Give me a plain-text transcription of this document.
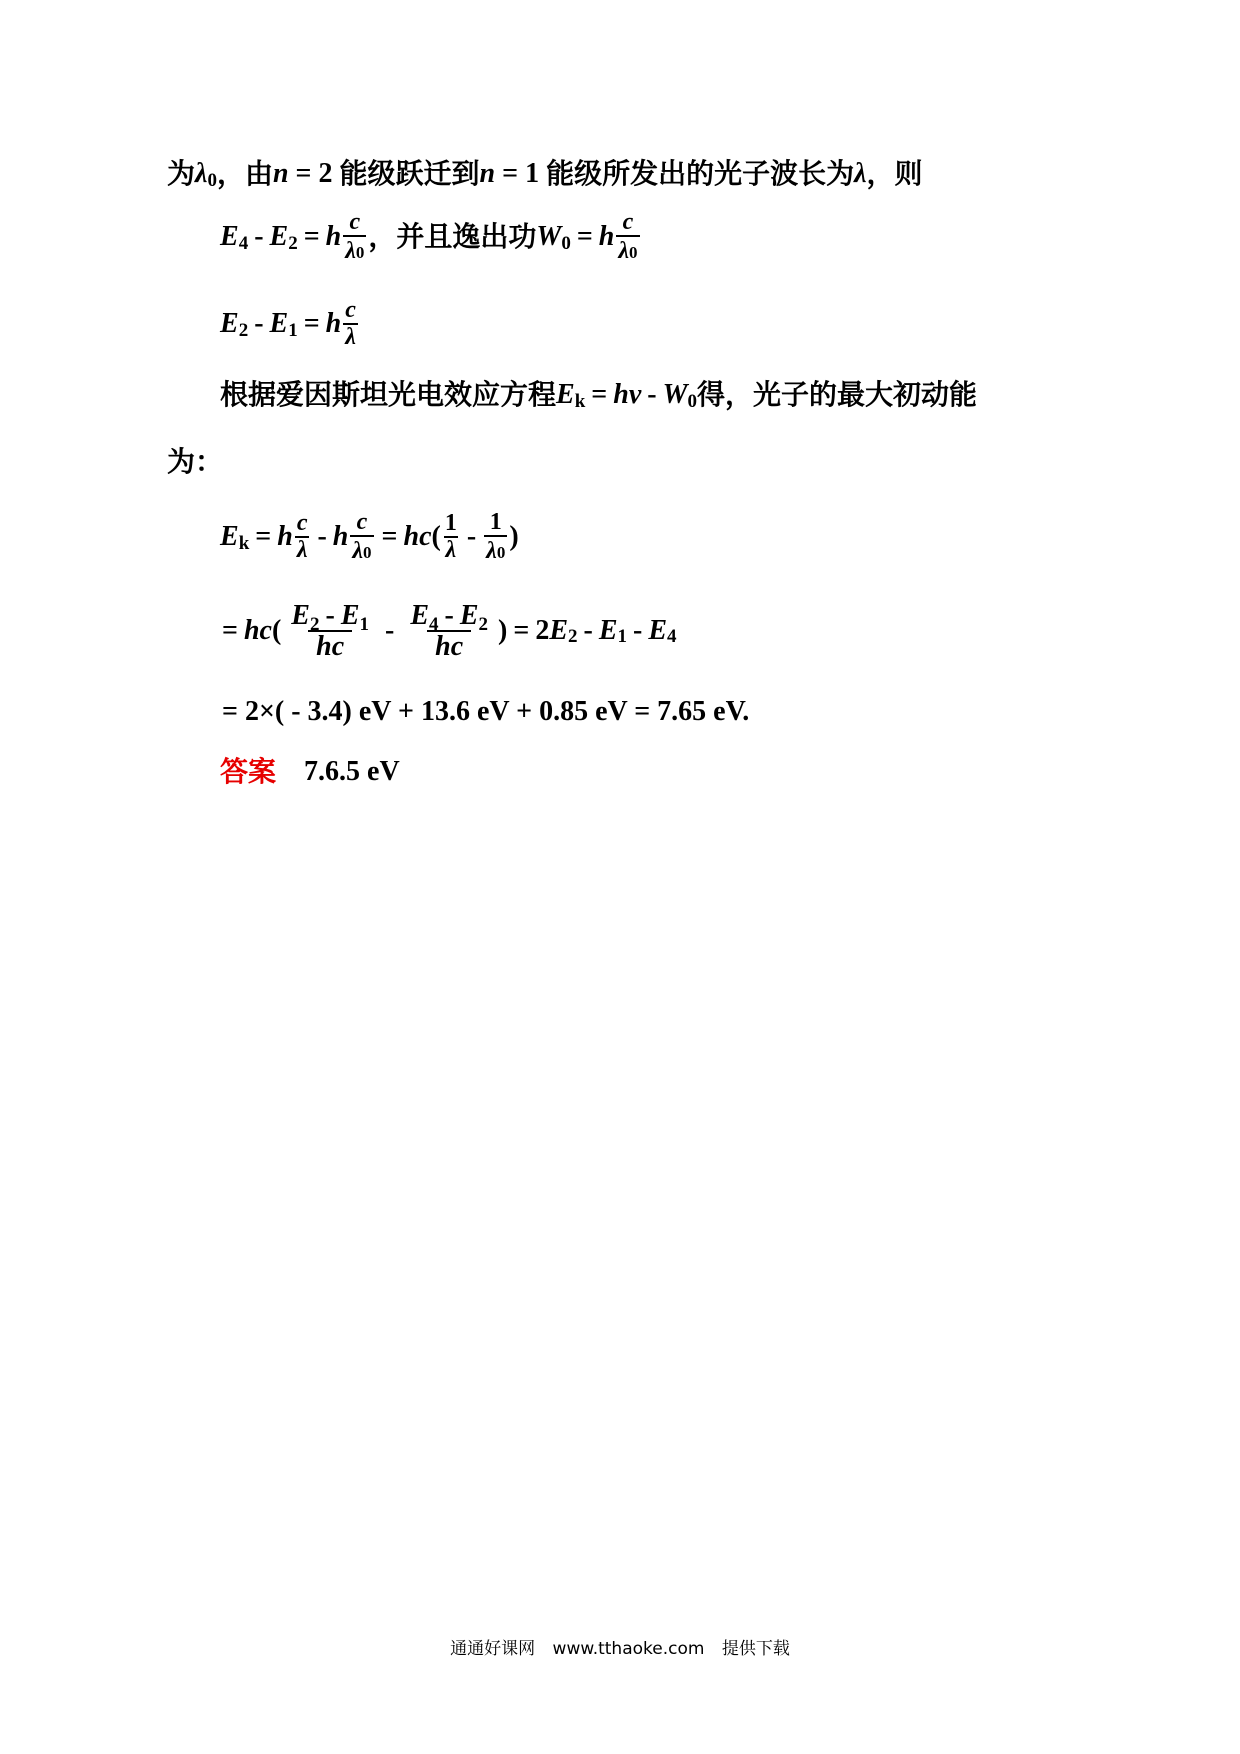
为 λ 0 ，由 n = 2 能级跃迁到 n = 1 能级所发出的光子波长为 λ ，则
E 4 - E 2 = h $\frac{c}{\lambda 0}$ ，并且逸出功 W 0 = h $\frac{c}{\lambda 0}$
E 2 - E 1 = h $\frac{c}{\lambda}$
根据爱因斯坦光电效应方程 E k = hν - W 0 得，光子的最大初动能
为：
E k = h $\frac{c}{\lambda}$ - h $\frac{c}{\lambda 0}$ = hc ( $\frac{1}{\lambda} - \frac{1}{\lambda 0}$ )
= hc ( $\frac{E_2 - E_1}{hc} - \frac{E_4 - E_2}{hc}$ ) = 2 E 2 - E 1 - E 4
= 2×( - 3.4) eV + 13.6 eV + 0.85 eV = 7.65 eV.
答案 7.6.5 eV
通通好课网 www.tthaoke.com 提供下载
